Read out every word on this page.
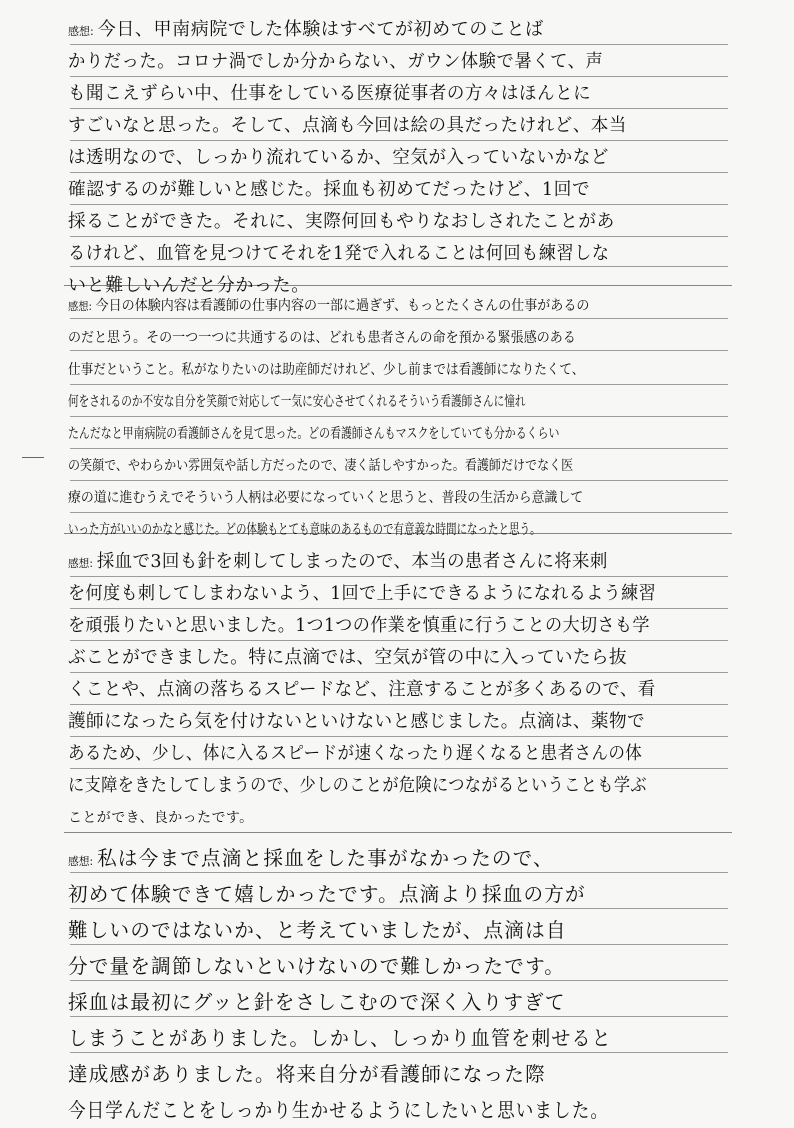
感想: 今日、甲南病院でした体験はすべてが初めてのことば
かりだった。コロナ渦でしか分からない、ガウン体験で暑くて、声
も聞こえずらい中、仕事をしている医療従事者の方々はほんとに
すごいなと思った。そして、点滴も今回は絵の具だったけれど、本当
は透明なので、しっかり流れているか、空気が入っていないかなど
確認するのが難しいと感じた。採血も初めてだったけど、1回で
採ることができた。それに、実際何回もやりなおしされたことがあ
るけれど、血管を見つけてそれを1発で入れることは何回も練習しな
いと難しいんだと分かった。
感想: 今日の体験内容は看護師の仕事内容の一部に過ぎず、もっとたくさんの仕事があるの
のだと思う。その一つ一つに共通するのは、どれも患者さんの命を預かる緊張感のある
仕事だということ。私がなりたいのは助産師だけれど、少し前までは看護師になりたくて、
何をされるのか不安な自分を笑顔で対応して一気に安心させてくれるそういう看護師さんに憧れ
たんだなと甲南病院の看護師さんを見て思った。どの看護師さんもマスクをしていても分かるくらい
の笑顔で、やわらかい雰囲気や話し方だったので、凄く話しやすかった。看護師だけでなく医
療の道に進むうえでそういう人柄は必要になっていくと思うと、普段の生活から意識して
いった方がいいのかなと感じた。どの体験もとても意味のあるもので有意義な時間になったと思う。
感想: 採血で3回も針を刺してしまったので、本当の患者さんに将来刺
を何度も刺してしまわないよう、1回で上手にできるようになれるよう練習
を頑張りたいと思いました。1つ1つの作業を慎重に行うことの大切さも学
ぶことができました。特に点滴では、空気が管の中に入っていたら抜
くことや、点滴の落ちるスピードなど、注意することが多くあるので、看
護師になったら気を付けないといけないと感じました。点滴は、薬物で
あるため、少し、体に入るスピードが速くなったり遅くなると患者さんの体
に支障をきたしてしまうので、少しのことが危険につながるということも学ぶ
ことができ、良かったです。
感想: 私は今まで点滴と採血をした事がなかったので、
初めて体験できて嬉しかったです。点滴より採血の方が
難しいのではないか、と考えていましたが、点滴は自
分で量を調節しないといけないので難しかったです。
採血は最初にグッと針をさしこむので深く入りすぎて
しまうことがありました。しかし、しっかり血管を刺せると
達成感がありました。将来自分が看護師になった際
今日学んだことをしっかり生かせるようにしたいと思いました。
